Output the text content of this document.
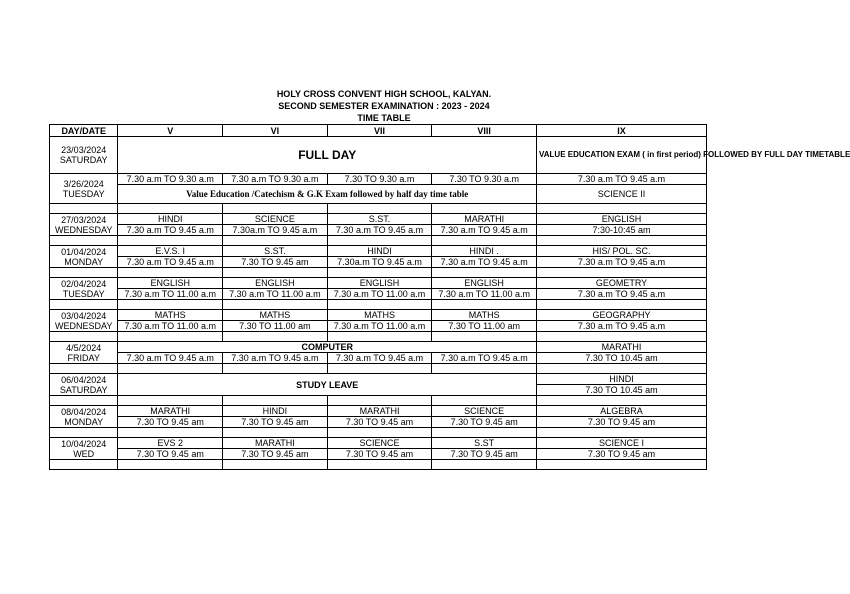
HOLY CROSS CONVENT HIGH SCHOOL, KALYAN.
SECOND SEMESTER EXAMINATION : 2023 - 2024
TIME TABLE
DAY/DATE	V	VI	VII	VIII	IX

23/03/2024
SATURDAY	FULL DAY				VALUE EDUCATION EXAM ( in first period) FOLLOWED BY FULL DAY TIMETABLE

3/26/2024
TUESDAY	7.30 a.m TO 9.30 a.m	7.30 a.m TO 9.30 a.m	7.30 TO 9.30 a.m	7.30 TO 9.30 a.m	7.30 a.m TO 9.45 a.m
	Value Education /Catechism & G.K Exam followed by half day time table				SCIENCE II

27/03/2024
WEDNESDAY	HINDI	SCIENCE	S.ST.	MARATHI	ENGLISH
	7.30 a.m TO 9.45 a.m	7.30a.m TO 9.45 a.m	7.30 a.m TO 9.45 a.m	7.30 a.m TO 9.45 a.m	7:30-10:45 am

01/04/2024
MONDAY	E.V.S. I	S.ST.	HINDI	HINDI .	HIS/ POL. SC.
	7.30 a.m TO 9.45 a.m	7.30 TO 9.45 am	7.30a.m TO 9.45 a.m	7.30 a.m TO 9.45 a.m	7.30 a.m TO 9.45 a.m

02/04/2024
TUESDAY	ENGLISH	ENGLISH	ENGLISH	ENGLISH	GEOMETRY
	7.30 a.m TO 11.00 a.m	7.30 a.m TO 11.00 a.m	7.30 a.m TO 11.00 a.m	7.30 a.m TO 11.00 a.m	7.30 a.m TO 9.45 a.m

03/04/2024
WEDNESDAY	MATHS	MATHS	MATHS	MATHS	GEOGRAPHY
	7.30 a.m TO 11.00 a.m	7.30 TO 11.00 am	7.30 a.m TO 11.00 a.m	7.30 TO 11.00 am	7.30 a.m TO 9.45 a.m

4/5/2024
FRIDAY	COMPUTER				MARATHI
	7.30 a.m TO 9.45 a.m	7.30 a.m TO 9.45 a.m	7.30 a.m TO 9.45 a.m	7.30 a.m TO 9.45 a.m	7.30 TO 10.45 am

06/04/2024
SATURDAY	STUDY LEAVE				HINDI
					7.30 TO 10.45 am

08/04/2024
MONDAY	MARATHI	HINDI	MARATHI	SCIENCE	ALGEBRA
	7.30 TO 9.45 am	7.30 TO 9.45 am	7.30 TO 9.45 am	7.30 TO 9.45 am	7.30 TO 9.45 am

10/04/2024
WED	EVS 2	MARATHI	SCIENCE	S.ST	SCIENCE I
	7.30 TO 9.45 am	7.30 TO 9.45 am	7.30 TO 9.45 am	7.30 TO 9.45 am	7.30 TO 9.45 am
